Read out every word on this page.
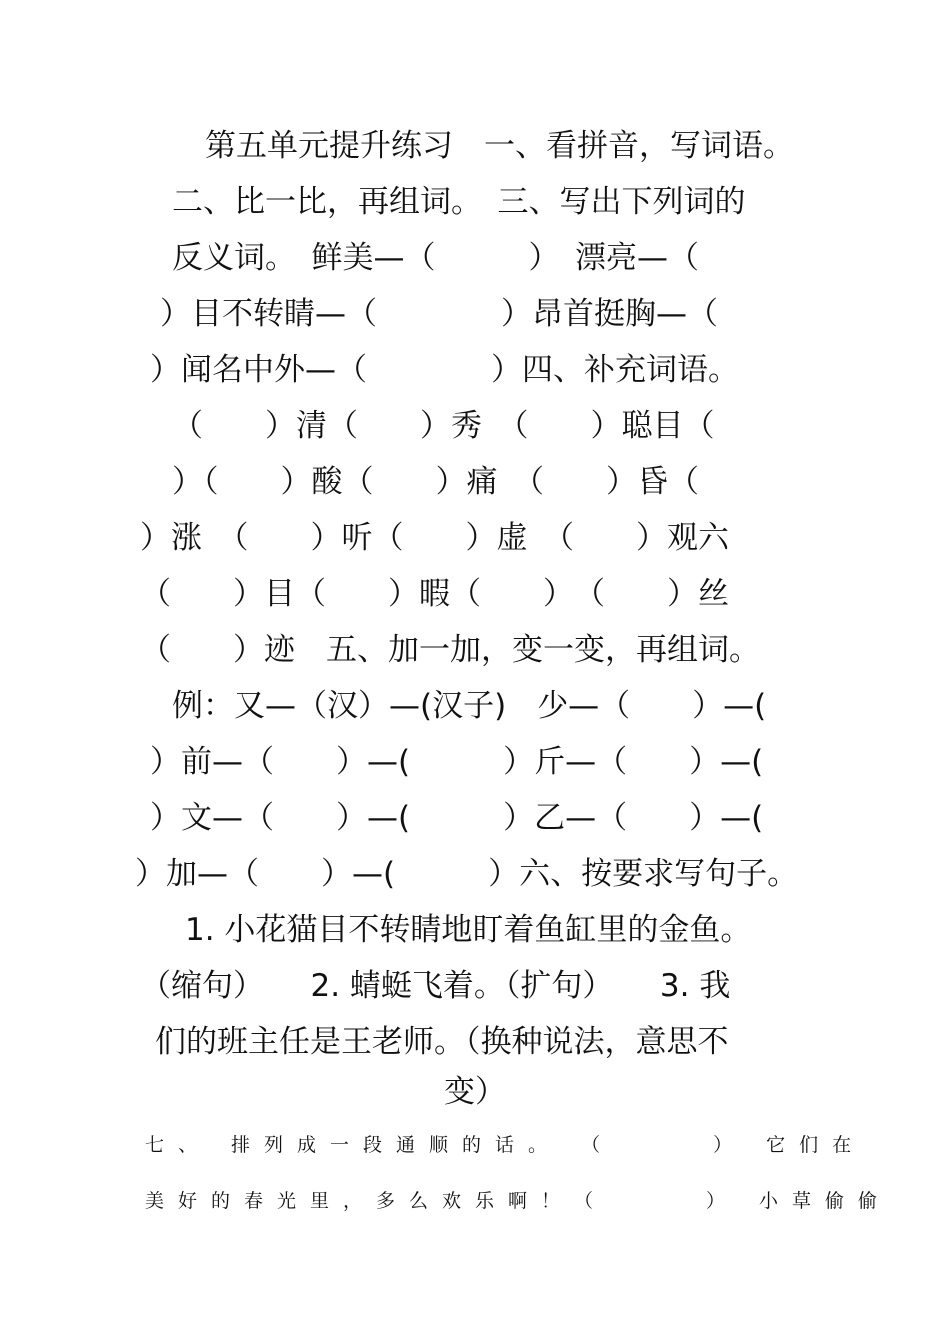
第五单元提升练习　一、看拼音，写词语。

二、比一比，再组词。　三、写出下列词的

反义词。　鲜美—（　　　）　漂亮—（

）目不转睛—（　　　　）昂首挺胸—（

）闻名中外—（　　　　）四、补充词语。

（　　）清（　　）秀　（　　）聪目（

）（　　）酸（　　）痛　（　　）昏（

）涨　（　　）听（　　）虚　（　　）观六

（　　）目（　　）暇（　　）　（　　）丝

（　　）迹　五、加一加，变一变，再组词。

例：又—（汉）—(汉子)　少—（　　）—(

）前—（　　）—(　　　）斤—（　　）—(

）文—（　　）—(　　　）乙—（　　）—(

）加—（　　）—(　　　）六、按要求写句子。

1. 小花猫目不转睛地盯着鱼缸里的金鱼。

（缩句）　　2. 蜻蜓飞着。（扩句）　　3. 我

们的班主任是王老师。（换种说法，意思不

变）

七、 排列成一段通顺的话。 （　　　） 它们在

美好的春光里，多么欢乐啊！（　　　） 小草偷偷
